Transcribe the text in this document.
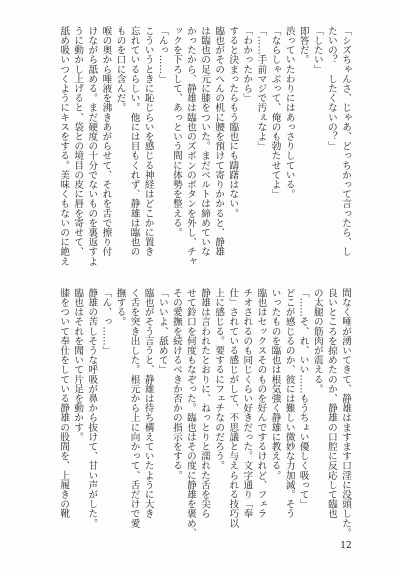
「シズちゃんさ、じゃあ、どっちかって言ったら、し
たいの？　したくないの？」
「したい」
即答だ。
渋っていたわりにはあっさりしている。
「ならしゃぶって、俺のも勃たせてよ」
「……手前マジで汚ぇなよ」
「わかったから」
すると決まったらもう臨也にも躊躇はない。
臨也がそのへんの机に腰を預けて寄りかかると、静雄
は臨也の足元に膝をついた。まだベルトは締めていな
かったから、静雄は臨也のズボンのボタンを外し、チャ
ックを下ろして、あっという間に体勢を整える。
「んっ……」
こういうときに恥じらいを感じる神経はどこかに置き
忘れているらしい。他には目もくれず、静雄は臨也の
ものを口に含んだ。
喉の奥から唾液を沸きあがらせて、それを舌で擦り付
けながら舐める。まだ硬度の十分でないものを裏返すよ
うに動かし上げると、袋との境目の皮に唇を寄せて、
舐め吸いつくようにキスをする。美味くもないのに絶え
間なく唾が湧いてきて、静雄はますます口淫に没頭した。
良いところを掠めたのか、静雄の口腔に反応して臨也
の太腿の筋肉が震える。
「……そ、れ、いい……もうちょい優しく吸って」
どこが感じるのか、彼には難しい微妙な力加減。そう
いったものを臨也は根気強く静雄に教える。
臨也はセックスそのものを好んでするけれど、フェラ
チオされるのも同じくらい好きだった。文字通り「奉
仕」されている感じがして、不思議と与えられる技巧以
上に感じる。要するにフェチなのだろう。
静雄は言われたとおりに、ねっとりと濡れた舌を尖ら
せて鈴口を何度もなぞった。臨也はその度に静雄を褒め、
その愛撫を続けるべきか否かの指示をする。
「いいよ、舐めて」
臨也がそう言うと、静雄は待ち構えていたように大き
く舌を突き出した。根元から上に向かって、舌だけで愛
撫する。
「ん、っ……」
静雄の苦しそうな呼吸が鼻から抜けて、甘い声がした。
臨也はそれを聞いて片足を動かす。
膝をついて奉仕をしている静雄の股間を、上履きの靴
12
